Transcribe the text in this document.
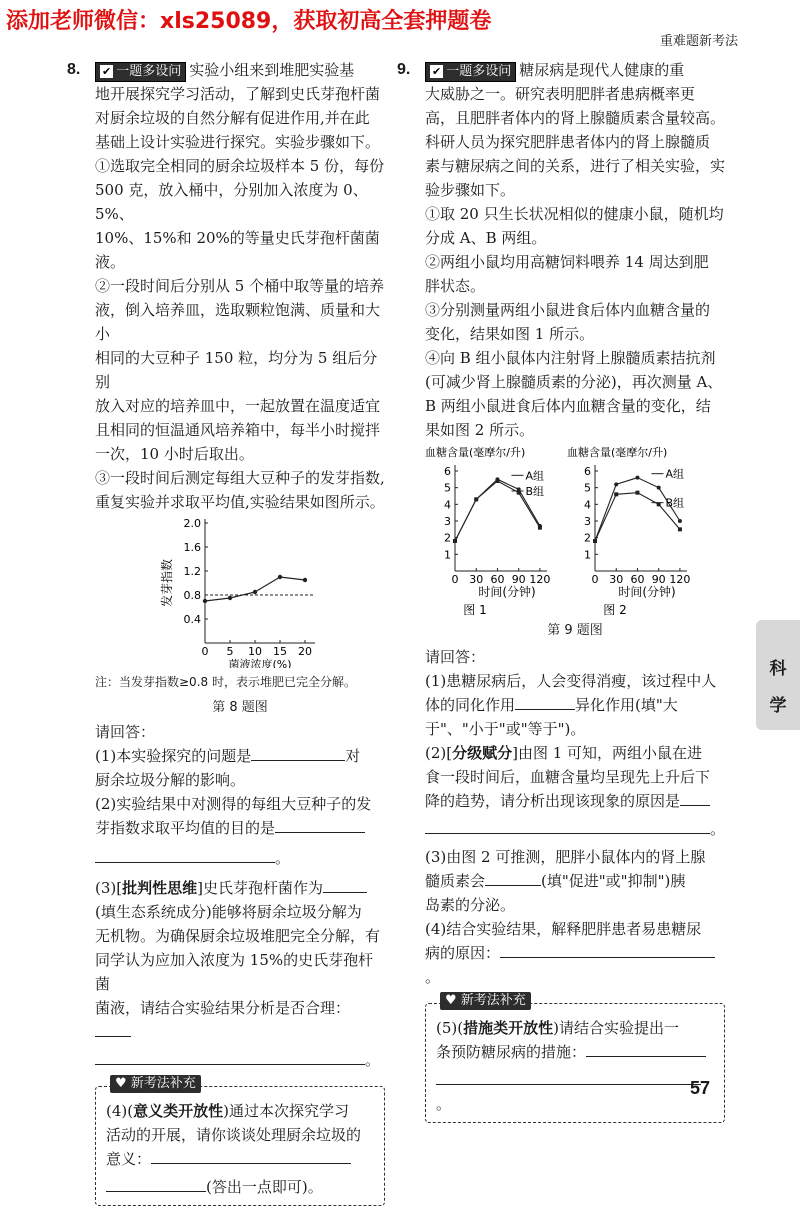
添加老师微信：xls25089，获取初高全套押题卷
重难题新考法
8.	✔ 一题多设问 实验小组来到堆肥实验基

地开展探究学习活动，了解到史氏芽孢杆菌

对厨余垃圾的自然分解有促进作用,并在此

基础上设计实验进行探究。实验步骤如下。

①选取完全相同的厨余垃圾样本 5 份，每份

500 克，放入桶中，分别加入浓度为 0、5%、

10%、15%和 20%的等量史氏芽孢杆菌菌液。

②一段时间后分别从 5 个桶中取等量的培养

液，倒入培养皿，选取颗粒饱满、质量和大小

相同的大豆种子 150 粒，均分为 5 组后分别

放入对应的培养皿中，一起放置在温度适宜

且相同的恒温通风培养箱中，每半小时搅拌

一次，10 小时后取出。

③一段时间后测定每组大豆种子的发芽指数,

重复实验并求取平均值,实验结果如图所示。

0.4
0.8
1.2
1.6
2.0
0 5 10 15 20
菌液浓度(%)
发芽指数

注：当发芽指数≥0.8 时，表示堆肥已完全分解。

第 8 题图

请回答：

(1)本实验探究的问题是	对

厨余垃圾分解的影响。

(2)实验结果中对测得的每组大豆种子的发

芽指数求取平均值的目的是

。

(3)[批判性思维]史氏芽孢杆菌作为

(填生态系统成分)能够将厨余垃圾分解为

无机物。为确保厨余垃圾堆肥完全分解，有

同学认为应加入浓度为 15%的史氏芽孢杆菌

菌液，请结合实验结果分析是否合理：

。

♥ 新考法补充

(4)(意义类开放性)通过本次探究学习

活动的开展，请你谈谈处理厨余垃圾的

意义：

(答出一点即可)。

9.	✔ 一题多设问 糖尿病是现代人健康的重

大威胁之一。研究表明肥胖者患病概率更

高，且肥胖者体内的肾上腺髓质素含量较高。

科研人员为探究肥胖患者体内的肾上腺髓质

素与糖尿病之间的关系，进行了相关实验，实

验步骤如下。

①取 20 只生长状况相似的健康小鼠，随机均

分成 A、B 两组。

②两组小鼠均用高糖饲料喂养 14 周达到肥

胖状态。

③分别测量两组小鼠进食后体内血糖含量的

变化，结果如图 1 所示。

④向 B 组小鼠体内注射肾上腺髓质素拮抗剂

(可减少肾上腺髓质素的分泌)，再次测量 A、

B 两组小鼠进食后体内血糖含量的变化，结

果如图 2 所示。

血糖含量(毫摩尔/升)
1
2
3
4
5
6
0 30 60 90 120
时间(分钟)
图 1
A组
B组
血糖含量(毫摩尔/升)
1
2
3
4
5
6
0 30 60 90 120
时间(分钟)
图 2
A组
B组

第 9 题图

请回答：

(1)患糖尿病后，人会变得消瘦，该过程中人

体的同化作用	异化作用(填"大

于"、"小于"或"等于")。

(2)[分级赋分]由图 1 可知，两组小鼠在进

食一段时间后，血糖含量均呈现先上升后下

降的趋势，请分析出现该现象的原因是

。

(3)由图 2 可推测，肥胖小鼠体内的肾上腺

髓质素会	(填"促进"或"抑制")胰

岛素的分泌。

(4)结合实验结果，解释肥胖患者易患糖尿

病的原因：。

♥ 新考法补充

(5)(措施类开放性)请结合实验提出一

条预防糖尿病的措施：

。

科
学
57
